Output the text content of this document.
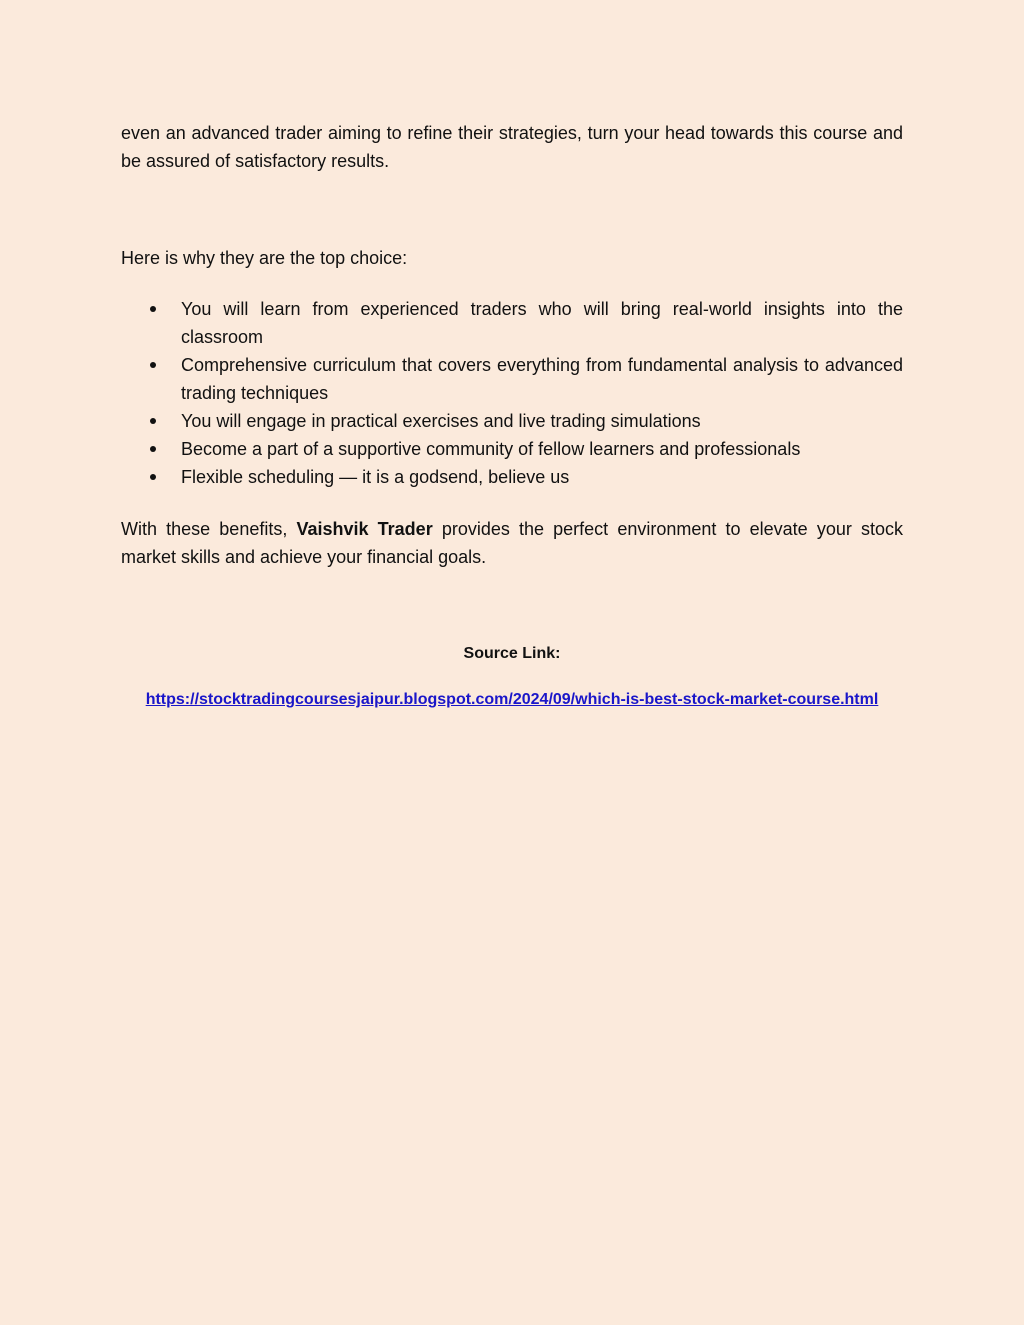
even an advanced trader aiming to refine their strategies, turn your head towards this course and be assured of satisfactory results.

Here is why they are the top choice:

You will learn from experienced traders who will bring real-world insights into the classroom
Comprehensive curriculum that covers everything from fundamental analysis to advanced trading techniques
You will engage in practical exercises and live trading simulations
Become a part of a supportive community of fellow learners and professionals
Flexible scheduling — it is a godsend, believe us

With these benefits, Vaishvik Trader provides the perfect environment to elevate your stock market skills and achieve your financial goals.

Source Link:
https://stocktradingcoursesjaipur.blogspot.com/2024/09/which-is-best-stock-market-course.html
